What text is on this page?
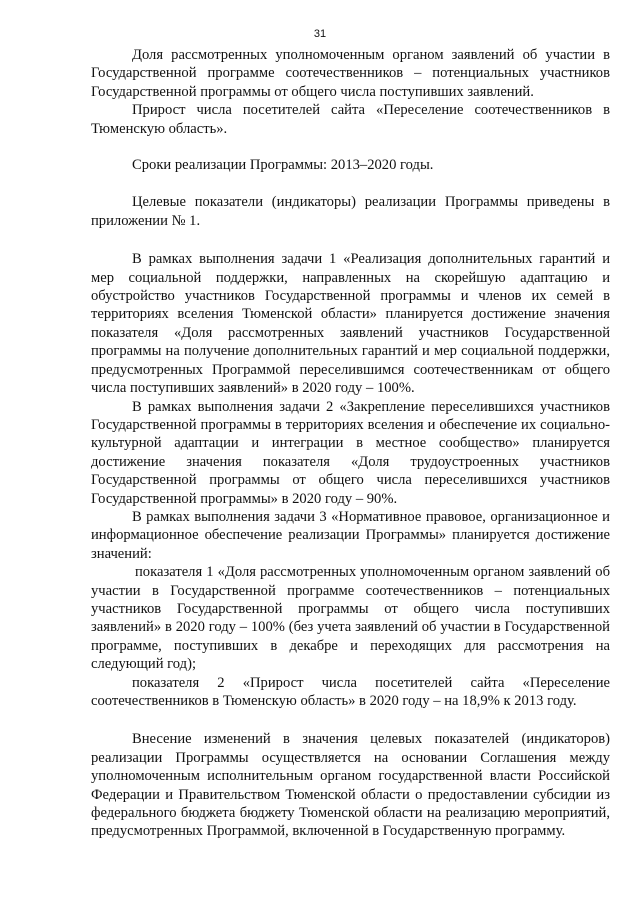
31

Доля рассмотренных уполномоченным органом заявлений об участии в Государственной программе соотечественников – потенциальных участников Государственной программы от общего числа поступивших заявлений.

Прирост числа посетителей сайта «Переселение соотечественников в Тюменскую область».

Сроки реализации Программы: 2013–2020 годы.

Целевые показатели (индикаторы) реализации Программы приведены в приложении № 1.

В рамках выполнения задачи 1 «Реализация дополнительных гарантий и мер социальной поддержки, направленных на скорейшую адаптацию и обустройство участников Государственной программы и членов их семей в территориях вселения Тюменской области» планируется достижение значения показателя «Доля рассмотренных заявлений участников Государственной программы на получение дополнительных гарантий и мер социальной поддержки, предусмотренных Программой переселившимся соотечественникам от общего числа поступивших заявлений» в 2020 году – 100%.

В рамках выполнения задачи 2 «Закрепление переселившихся участников Государственной программы в территориях вселения и обеспечение их социально-культурной адаптации и интеграции в местное сообщество» планируется достижение значения показателя «Доля трудоустроенных участников Государственной программы от общего числа переселившихся участников Государственной программы» в 2020 году – 90%.

В рамках выполнения задачи 3 «Нормативное правовое, организационное и информационное обеспечение реализации Программы» планируется достижение значений:

показателя 1 «Доля рассмотренных уполномоченным органом заявлений об участии в Государственной программе соотечественников – потенциальных участников Государственной программы от общего числа поступивших заявлений» в 2020 году – 100% (без учета заявлений об участии в Государственной программе, поступивших в декабре и переходящих для рассмотрения на следующий год);

показателя 2 «Прирост числа посетителей сайта «Переселение соотечественников в Тюменскую область» в 2020 году – на 18,9% к 2013 году.

Внесение изменений в значения целевых показателей (индикаторов) реализации Программы осуществляется на основании Соглашения между уполномоченным исполнительным органом государственной власти Российской Федерации и Правительством Тюменской области о предоставлении субсидии из федерального бюджета бюджету Тюменской области на реализацию мероприятий, предусмотренных Программой, включенной в Государственную программу.
